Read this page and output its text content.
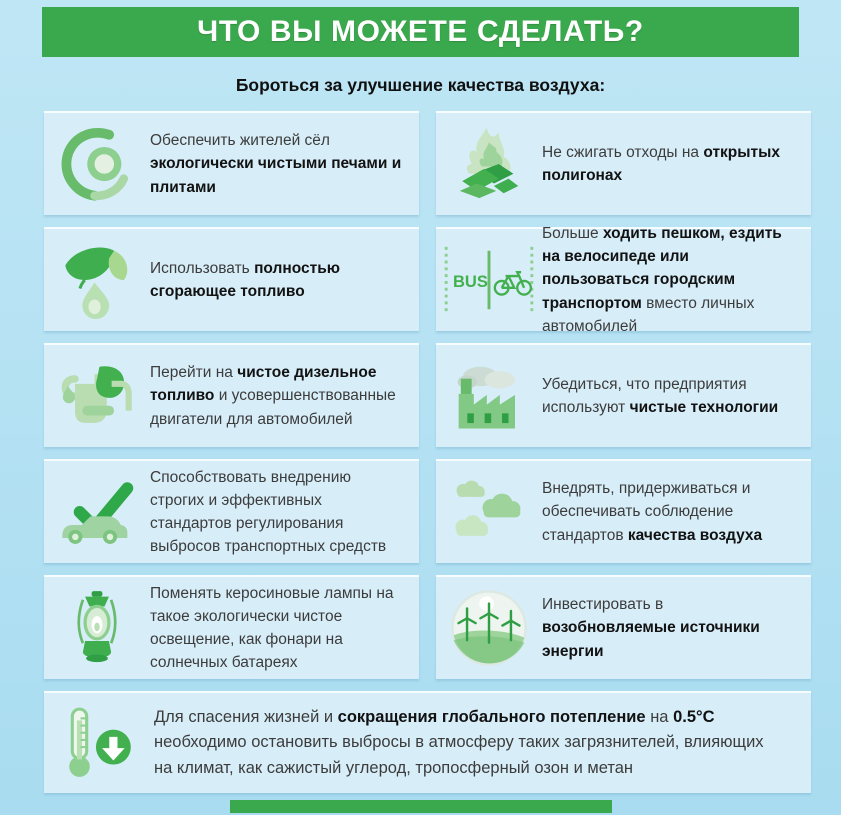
ЧТО ВЫ МОЖЕТЕ СДЕЛАТЬ?
Бороться за улучшение качества воздуха:
Обеспечить жителей сёл экологически чистыми печами и плитами
Не сжигать отходы на открытых полигонах
Использовать полностью сгорающее топливо
BUS
Больше ходить пешком, ездить на велосипеде или пользоваться городским транспортом вместо личных автомобилей
Перейти на чистое дизельное топливо и усовершенствованные двигатели для автомобилей
Убедиться, что предприятия используют чистые технологии
Способствовать внедрению строгих и эффективных стандартов регулирования выбросов транспортных средств
Внедрять, придерживаться и обеспечивать соблюдение стандартов качества воздуха
Поменять керосиновые лампы на такое экологически чистое освещение, как фонари на солнечных батареях
Инвестировать в возобновляемые источники энергии
Для спасения жизней и сокращения глобального потепление на 0.5°C необходимо остановить выбросы в атмосферу таких загрязнителей, влияющих на климат, как сажистый углерод, тропосферный озон и метан
